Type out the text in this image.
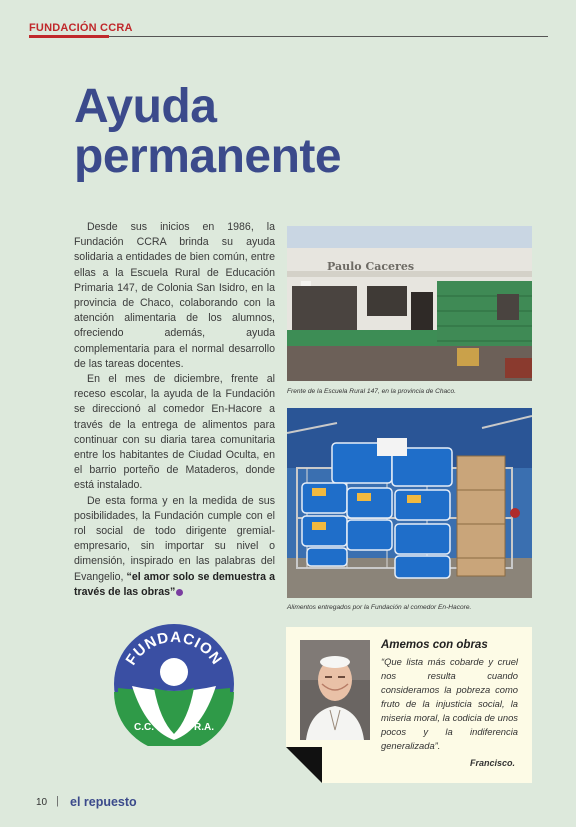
FUNDACIÓN CCRA
Ayuda
permanente

Desde sus inicios en 1986, la Fundación CCRA brinda su ayuda solidaria a entidades de bien común, entre ellas a la Escuela Rural de Educación Primaria 147, de Colonia San Isidro, en la provincia de Chaco, colaborando con la atención alimentaria de los alumnos, ofreciendo además, ayuda complementaria para el normal desarrollo de las tareas docentes.

En el mes de diciembre, frente al receso escolar, la ayuda de la Fundación se direccionó al comedor En-Hacore a través de la entrega de alimentos para continuar con su diaria tarea comunitaria entre los habitantes de Ciudad Oculta, en el barrio porteño de Mataderos, donde está instalado.

De esta forma y en la medida de sus posibilidades, la Fundación cumple con el rol social de todo dirigente gremial-empresario, sin importar su nivel o dimensión, inspirado en las palabras del Evangelio, “el amor solo se demuestra a través de las obras”

Paulo Caceres
Frente de la Escuela Rural 147, en la provincia de Chaco.
Alimentos entregados por la Fundación al comedor En-Hacore.
FUNDACION
C.C.	R.A.
Amemos con obras
“Que lista más cobarde y cruel nos resulta cuando consideramos la pobreza como fruto de la injusticia social, la miseria moral, la codicia de unos pocos y la indiferencia generalizada”.
Francisco.
10 | el repuesto
